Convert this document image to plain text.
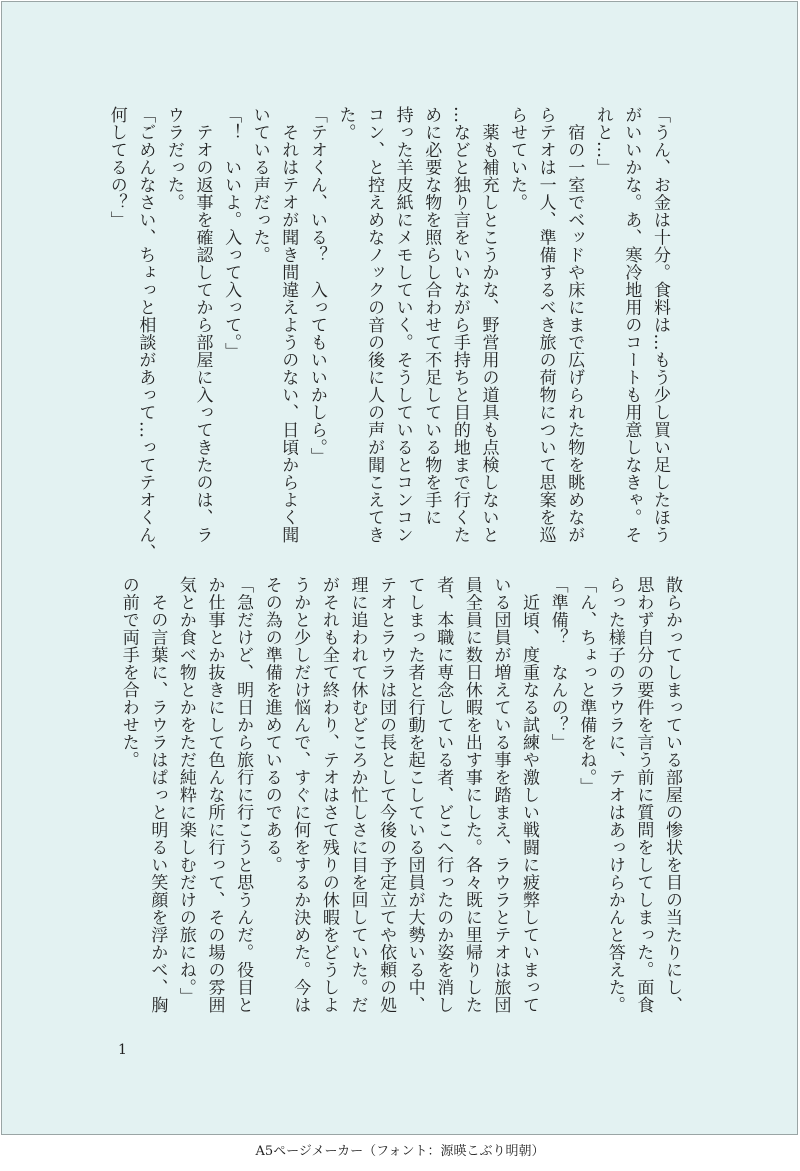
「うん、お金は十分。食料は…もう少し買い足したほう
がいいかな。あ、寒冷地用のコートも用意しなきゃ。そ
れと…」
　宿の一室でベッドや床にまで広げられた物を眺めなが
らテオは一人、準備するべき旅の荷物について思案を巡
らせていた。
　薬も補充しとこうかな、野営用の道具も点検しないと
…などと独り言をいいながら手持ちと目的地まで行くた
めに必要な物を照らし合わせて不足している物を手に
持った羊皮紙にメモしていく。そうしているとコンコン
コン、と控えめなノックの音の後に人の声が聞こえてき
た。
「テオくん、いる？　入ってもいいかしら。」
　それはテオが聞き間違えようのない、日頃からよく聞
いている声だった。
「！　いいよ。入って入って。」
　テオの返事を確認してから部屋に入ってきたのは、ラ
ウラだった。
「ごめんなさい、ちょっと相談があって…ってテオくん、
何してるの？」
散らかってしまっている部屋の惨状を目の当たりにし、
思わず自分の要件を言う前に質問をしてしまった。面食
らった様子のラウラに、テオはあっけらかんと答えた。
「ん、ちょっと準備をね。」
「準備？　なんの？」
　近頃、度重なる試練や激しい戦闘に疲弊していまって
いる団員が増えている事を踏まえ、ラウラとテオは旅団
員全員に数日休暇を出す事にした。各々既に里帰りした
者、本職に専念している者、どこへ行ったのか姿を消し
てしまった者と行動を起こしている団員が大勢いる中、
テオとラウラは団の長として今後の予定立てや依頼の処
理に追われて休むどころか忙しさに目を回していた。だ
がそれも全て終わり、テオはさて残りの休暇をどうしよ
うかと少しだけ悩んで、すぐに何をするか決めた。今は
その為の準備を進めているのである。
「急だけど、明日から旅行に行こうと思うんだ。役目と
か仕事とか抜きにして色んな所に行って、その場の雰囲
気とか食べ物とかをただ純粋に楽しむだけの旅にね。」
　その言葉に、ラウラはぱっと明るい笑顔を浮かべ、胸
の前で両手を合わせた。
1
A5ページメーカー（フォント：源暎こぶり明朝）
